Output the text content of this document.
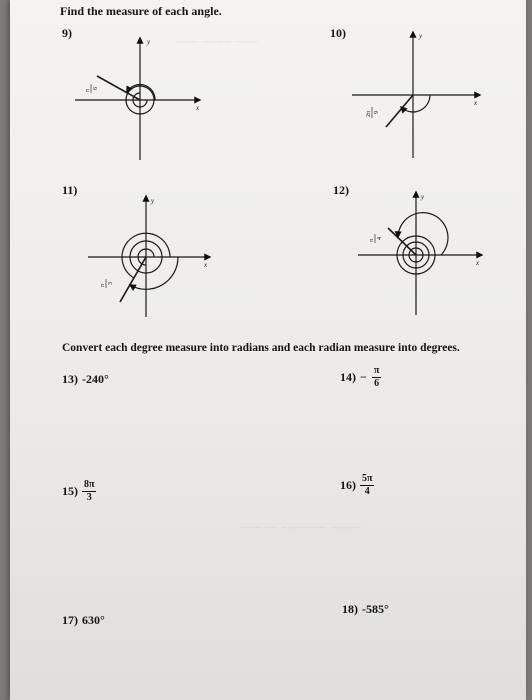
~~~ ~~~~ ~~~
~~~~~ ~~~~~~ ~~~~
Find the measure of each angle.
9)
y
x
π
6
10)	y
x
2π 9
11)
y
x
π
3
12)	y
x
π
4
Convert each degree measure into radians and each radian measure into degrees.
13) -240°	$14) - \frac{\pi}{6}$
$15) \frac{8\pi}{3}$	$16) \frac{5\pi}{4}$
17) 630°
18) -585°
